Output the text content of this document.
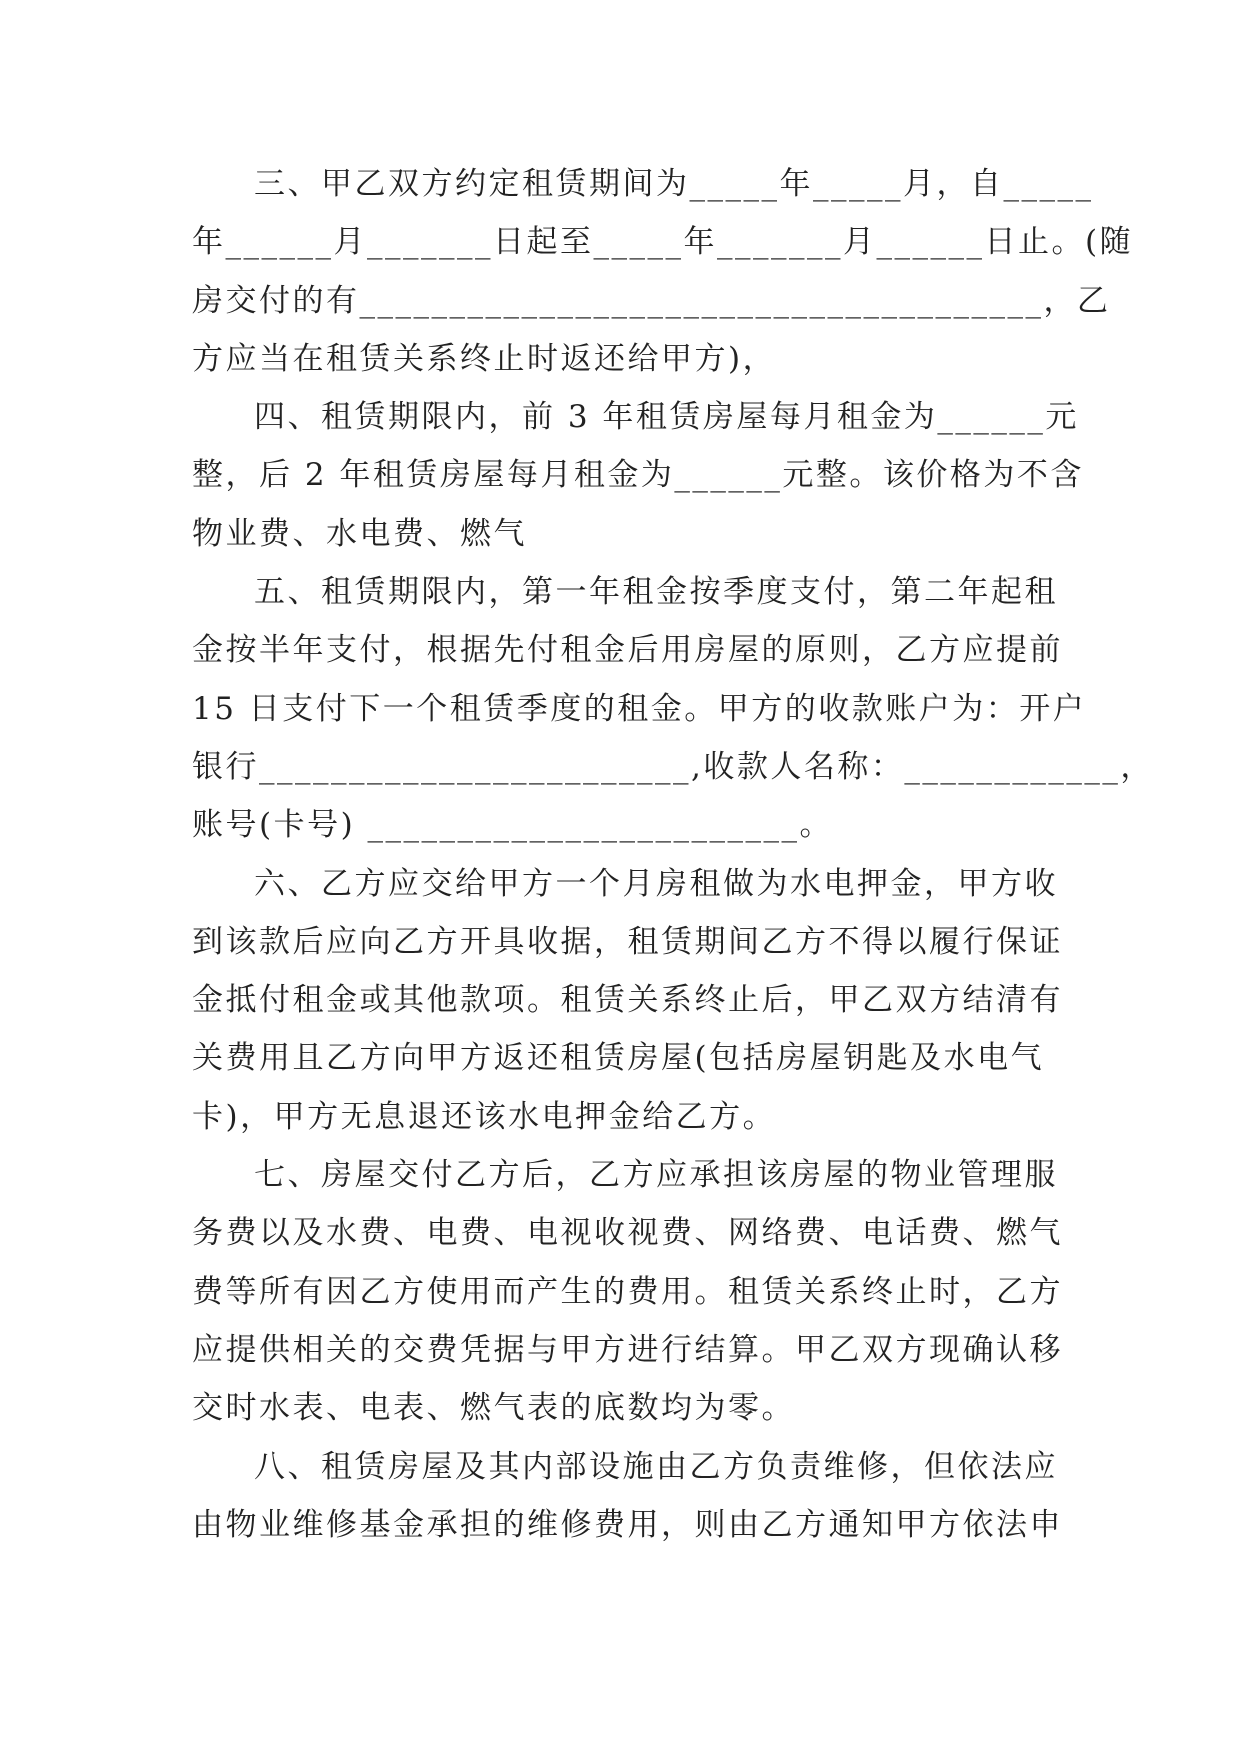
三、甲乙双方约定租赁期间为_____年_____月，自_____
年______月_______日起至_____年_______月______日止。(随
房交付的有______________________________________，乙
方应当在租赁关系终止时返还给甲方)，
四、租赁期限内，前 3 年租赁房屋每月租金为______元
整，后 2 年租赁房屋每月租金为______元整。该价格为不含
物业费、水电费、燃气
五、租赁期限内，第一年租金按季度支付，第二年起租
金按半年支付，根据先付租金后用房屋的原则，乙方应提前
15 日支付下一个租赁季度的租金。甲方的收款账户为：开户
银行________________________,收款人名称：____________，
账号(卡号) ________________________。
六、乙方应交给甲方一个月房租做为水电押金，甲方收
到该款后应向乙方开具收据，租赁期间乙方不得以履行保证
金抵付租金或其他款项。租赁关系终止后，甲乙双方结清有
关费用且乙方向甲方返还租赁房屋(包括房屋钥匙及水电气
卡)，甲方无息退还该水电押金给乙方。
七、房屋交付乙方后，乙方应承担该房屋的物业管理服
务费以及水费、电费、电视收视费、网络费、电话费、燃气
费等所有因乙方使用而产生的费用。租赁关系终止时，乙方
应提供相关的交费凭据与甲方进行结算。甲乙双方现确认移
交时水表、电表、燃气表的底数均为零。
八、租赁房屋及其内部设施由乙方负责维修，但依法应
由物业维修基金承担的维修费用，则由乙方通知甲方依法申
